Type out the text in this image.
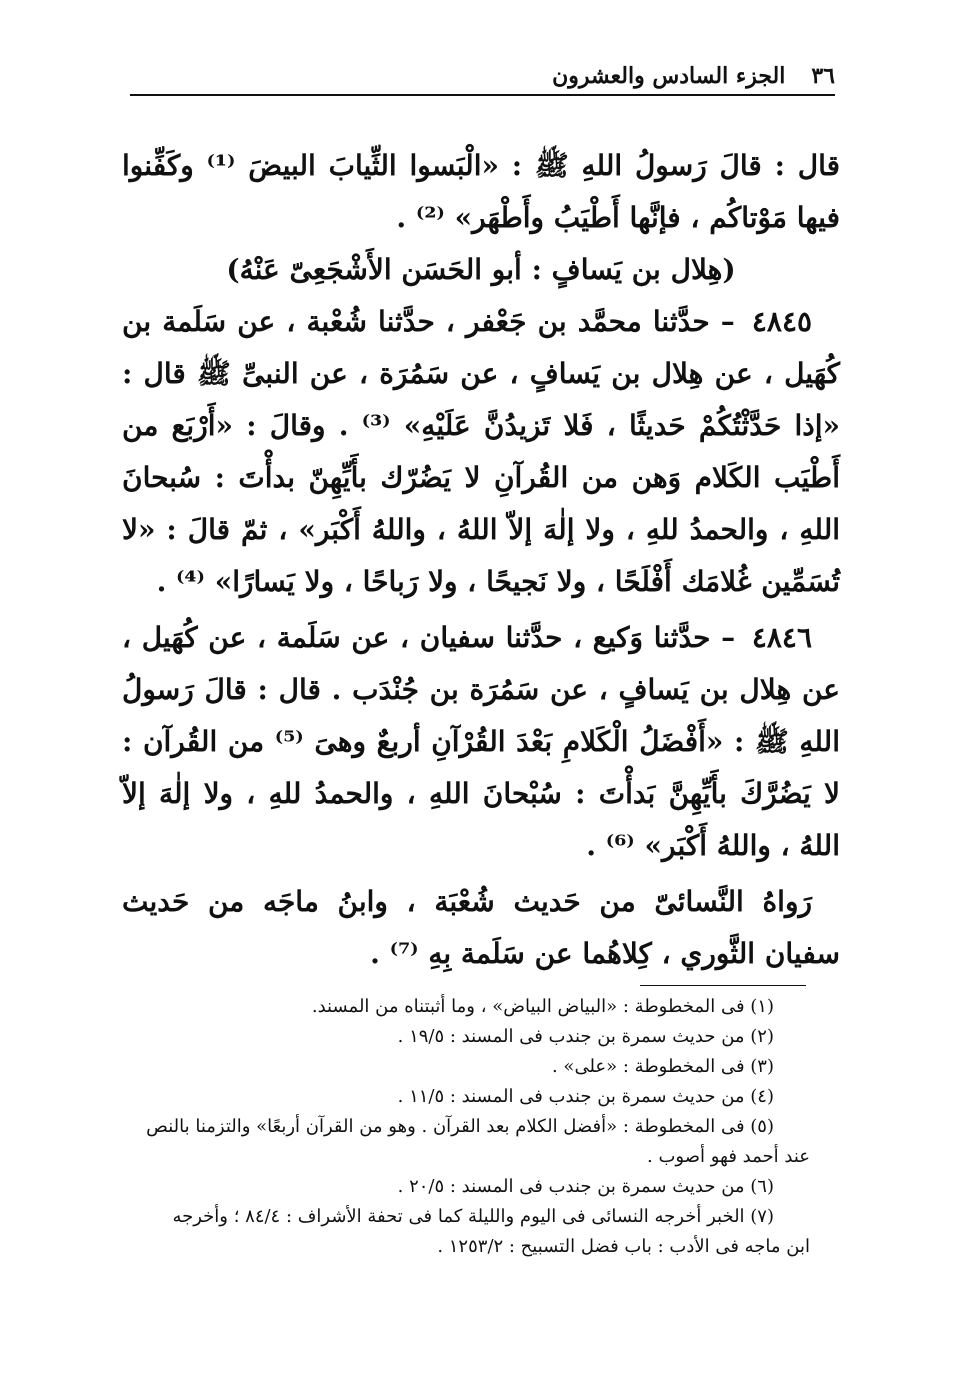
٣٦
الجزء السادس والعشرون

قال : قالَ رَسولُ اللهِ ﷺ : «الْبَسوا الثِّيابَ البيضَ ⁽¹⁾ وكَفِّنوا فيها مَوْتاكُم ، فإنَّها أَطْيَبُ وأَطْهَر» ⁽²⁾ .

(هِلال بن يَسافٍ : أبو الحَسَن الأَشْجَعِىّ عَنْهُ)

٤٨٤٥ – حدَّثنا محمَّد بن جَعْفر ، حدَّثنا شُعْبة ، عن سَلَمة بن كُهَيل ، عن هِلال بن يَسافٍ ، عن سَمُرَة ، عن النبىِّ ﷺ قال : «إذا حَدَّثْتُكُمْ حَديثًا ، فَلا تَزيدُنَّ عَلَيْهِ» ⁽³⁾ . وقالَ : «أَرْبَع من أَطْيَب الكَلام وَهن من القُرآنِ لا يَضُرّك بأَيِّهِنّ بدأْتَ : سُبحانَ اللهِ ، والحمدُ للهِ ، ولا إلٰهَ إلاّ اللهُ ، واللهُ أَكْبَر» ، ثمّ قالَ : «لا تُسَمِّين غُلامَك أَفْلَحًا ، ولا نَجيحًا ، ولا رَباحًا ، ولا يَسارًا» ⁽⁴⁾ .

٤٨٤٦ – حدَّثنا وَكيع ، حدَّثنا سفيان ، عن سَلَمة ، عن كُهَيل ، عن هِلال بن يَسافٍ ، عن سَمُرَة بن جُنْدَب . قال : قالَ رَسولُ اللهِ ﷺ : «أَفْضَلُ الْكَلامِ بَعْدَ القُرْآنِ أربعٌ وهىَ ⁽⁵⁾ من القُرآن : لا يَضُرَّكَ بأَيِّهِنَّ بَدأْتَ : سُبْحانَ اللهِ ، والحمدُ للهِ ، ولا إلٰهَ إلاّ اللهُ ، واللهُ أَكْبَر» ⁽⁶⁾ .

رَواهُ النَّسائىّ من حَديث شُعْبَة ، وابنُ ماجَه من حَديث سفيان الثَّوري ، كِلاهُما عن سَلَمة بِهِ ⁽⁷⁾ .

(١) فى المخطوطة : «البياض البياض» ، وما أثبتناه من المسند.

(٢) من حديث سمرة بن جندب فى المسند : ١٩/٥ .

(٣) فى المخطوطة : «على» .

(٤) من حديث سمرة بن جندب فى المسند : ١١/٥ .

(٥) فى المخطوطة : «أفضل الكلام بعد القرآن . وهو من القرآن أربعًا» والتزمنا بالنص

عند أحمد فهو أصوب .

(٦) من حديث سمرة بن جندب فى المسند : ٢٠/٥ .

(٧) الخبر أخرجه النسائى فى اليوم والليلة كما فى تحفة الأشراف : ٨٤/٤ ؛ وأخرجه

ابن ماجه فى الأدب : باب فضل التسبيح : ١٢٥٣/٢ .
